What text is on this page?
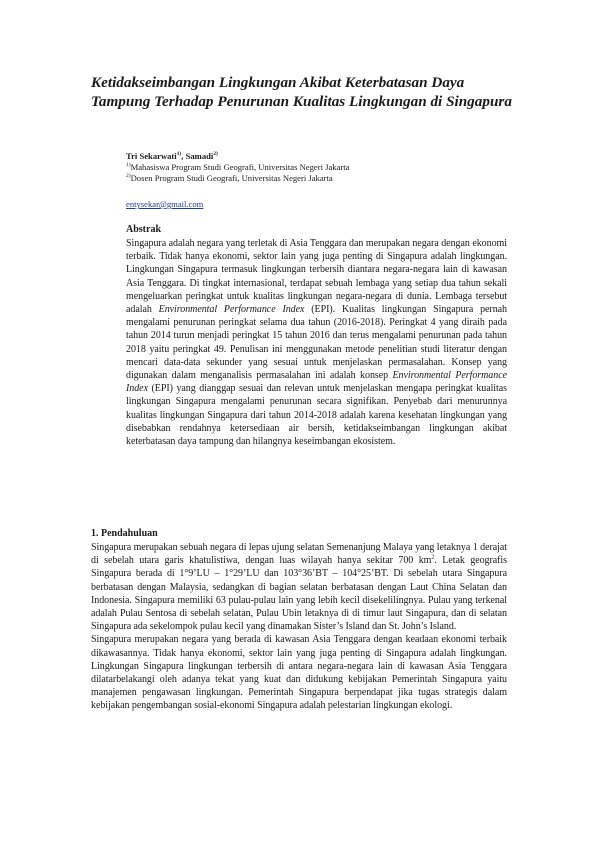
Ketidakseimbangan Lingkungan Akibat Keterbatasan Daya Tampung Terhadap Penurunan Kualitas Lingkungan di Singapura
Tri Sekarwati$^{1)}$, Samadi$^{2)}$
$^{1)}$Mahasiswa Program Studi Geografi, Universitas Negeri Jakarta
$^{2)}$Dosen Program Studi Geografi, Universitas Negeri Jakarta
entysekar@gmail.com
Abstrak

Singapura adalah negara yang terletak di Asia Tenggara dan merupakan negara dengan ekonomi terbaik. Tidak hanya ekonomi, sektor lain yang juga penting di Singapura adalah lingkungan. Lingkungan Singapura termasuk lingkungan terbersih diantara negara-negara lain di kawasan Asia Tenggara. Di tingkat internasional, terdapat sebuah lembaga yang setiap dua tahun sekali mengeluarkan peringkat untuk kualitas lingkungan negara-negara di dunia. Lembaga tersebut adalah Environmental Performance Index (EPI). Kualitas lingkungan Singapura pernah mengalami penurunan peringkat selama dua tahun (2016-2018). Peringkat 4 yang diraih pada tahun 2014 turun menjadi peringkat 15 tahun 2016 dan terus mengalami penurunan pada tahun 2018 yaitu peringkat 49. Penulisan ini menggunakan metode penelitian studi literatur dengan mencari data-data sekunder yang sesuai untuk menjelaskan permasalahan. Konsep yang digunakan dalam menganalisis permasalahan ini adalah konsep Environmental Performance Index (EPI) yang dianggap sesuai dan relevan untuk menjelaskan mengapa peringkat kualitas lingkungan Singapura mengalami penurunan secara signifikan. Penyebab dari menurunnya kualitas lingkungan Singapura dari tahun 2014-2018 adalah karena kesehatan lingkungan yang disebabkan rendahnya ketersediaan air bersih, ketidakseimbangan lingkungan akibat keterbatasan daya tampung dan hilangnya keseimbangan ekosistem.

1. Pendahuluan

Singapura merupakan sebuah negara di lepas ujung selatan Semenanjung Malaya yang letaknya 1 derajat di sebelah utara garis khatulistiwa, dengan luas wilayah hanya sekitar 700 $km^2$. Letak geografis Singapura berada di 1°9’LU – 1°29’LU dan 103°36’BT – 104°25’BT. Di sebelah utara Singapura berbatasan dengan Malaysia, sedangkan di bagian selatan berbatasan dengan Laut China Selatan dan Indonesia. Singapura memiliki 63 pulau-pulau lain yang lebih kecil disekelilingnya. Pulau yang terkenal adalah Pulau Sentosa di sebelah selatan, Pulau Ubin letaknya di di timur laut Singapura, dan di selatan Singapura ada sekelompok pulau kecil yang dinamakan Sister’s Island dan St. John’s Island.

Singapura merupakan negara yang berada di kawasan Asia Tenggara dengan keadaan ekonomi terbaik dikawasannya. Tidak hanya ekonomi, sektor lain yang juga penting di Singapura adalah lingkungan. Lingkungan Singapura lingkungan terbersih di antara negara-negara lain di kawasan Asia Tenggara dilatarbelakangi oleh adanya tekat yang kuat dan didukung kebijakan Pemerintah Singapura yaitu manajemen pengawasan lingkungan. Pemerintah Singapura berpendapat jika tugas strategis dalam kebijakan pengembangan sosial-ekonomi Singapura adalah pelestarian lingkungan ekologi.
